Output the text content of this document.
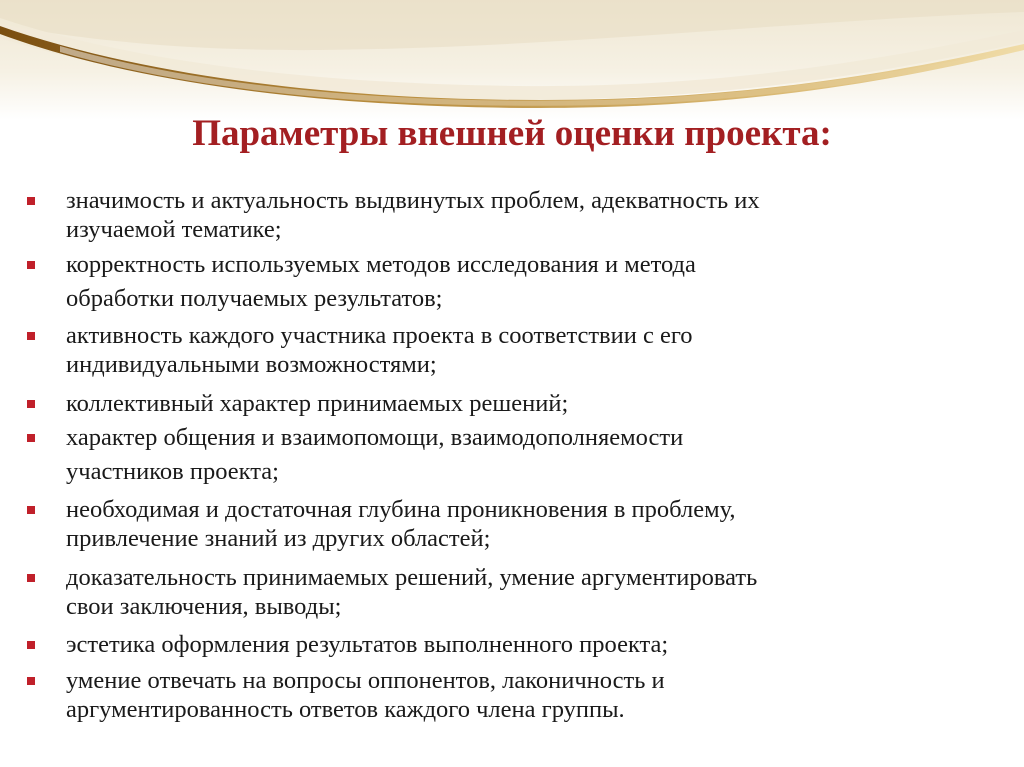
Параметры внешней оценки проекта:

значимость и актуальность выдвинутых проблем, адекватность их
изучаемой тематике;

корректность используемых методов исследования и метода
обработки получаемых результатов;

активность каждого участника проекта в соответствии с его
индивидуальными возможностями;

коллективный характер принимаемых решений;

характер общения и взаимопомощи, взаимодополняемости
участников проекта;

необходимая и достаточная глубина проникновения в проблему,
привлечение знаний из других областей;

доказательность принимаемых решений, умение аргументировать
свои заключения, выводы;

эстетика оформления результатов выполненного проекта;

умение отвечать на вопросы оппонентов, лаконичность и
аргументированность ответов каждого члена группы.
